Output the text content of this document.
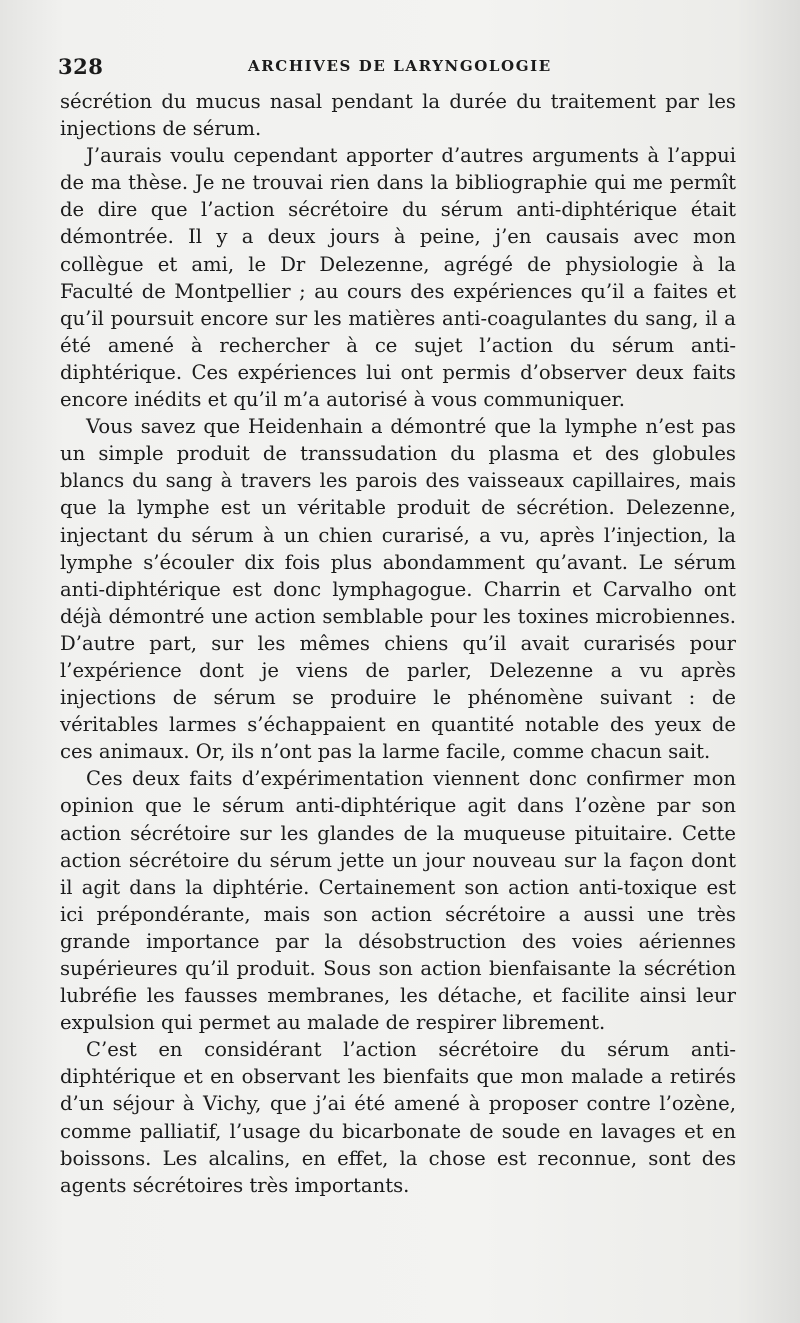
328	ARCHIVES DE LARYNGOLOGIE

sécrétion du mucus nasal pendant la durée du traitement par les injections de sérum.

J’aurais voulu cependant apporter d’autres arguments à l’appui de ma thèse. Je ne trouvai rien dans la bibliographie qui me permît de dire que l’action sécrétoire du sérum anti-diphtérique était démontrée. Il y a deux jours à peine, j’en causais avec mon collègue et ami, le Dr Delezenne, agrégé de physiologie à la Faculté de Montpellier ; au cours des expériences qu’il a faites et qu’il poursuit encore sur les matières anti-coagulantes du sang, il a été amené à rechercher à ce sujet l’action du sérum anti-diphtérique. Ces expériences lui ont permis d’observer deux faits encore inédits et qu’il m’a autorisé à vous communiquer.

Vous savez que Heidenhain a démontré que la lymphe n’est pas un simple produit de transsudation du plasma et des globules blancs du sang à travers les parois des vaisseaux capillaires, mais que la lymphe est un véritable produit de sécrétion. Delezenne, injectant du sérum à un chien curarisé, a vu, après l’injection, la lymphe s’écouler dix fois plus abondamment qu’avant. Le sérum anti-diphtérique est donc lymphagogue. Charrin et Carvalho ont déjà démontré une action semblable pour les toxines microbiennes. D’autre part, sur les mêmes chiens qu’il avait curarisés pour l’expérience dont je viens de parler, Delezenne a vu après injections de sérum se produire le phénomène suivant : de véritables larmes s’échappaient en quantité notable des yeux de ces animaux. Or, ils n’ont pas la larme facile, comme chacun sait.

Ces deux faits d’expérimentation viennent donc confirmer mon opinion que le sérum anti-diphtérique agit dans l’ozène par son action sécrétoire sur les glandes de la muqueuse pituitaire. Cette action sécrétoire du sérum jette un jour nouveau sur la façon dont il agit dans la diphtérie. Certainement son action anti-toxique est ici prépondérante, mais son action sécrétoire a aussi une très grande importance par la désobstruction des voies aériennes supérieures qu’il produit. Sous son action bienfaisante la sécrétion lubréfie les fausses membranes, les détache, et facilite ainsi leur expulsion qui permet au malade de respirer librement.

C’est en considérant l’action sécrétoire du sérum anti-diphtérique et en observant les bienfaits que mon malade a retirés d’un séjour à Vichy, que j’ai été amené à proposer contre l’ozène, comme palliatif, l’usage du bicarbonate de soude en lavages et en boissons. Les alcalins, en effet, la chose est reconnue, sont des agents sécrétoires très importants.
